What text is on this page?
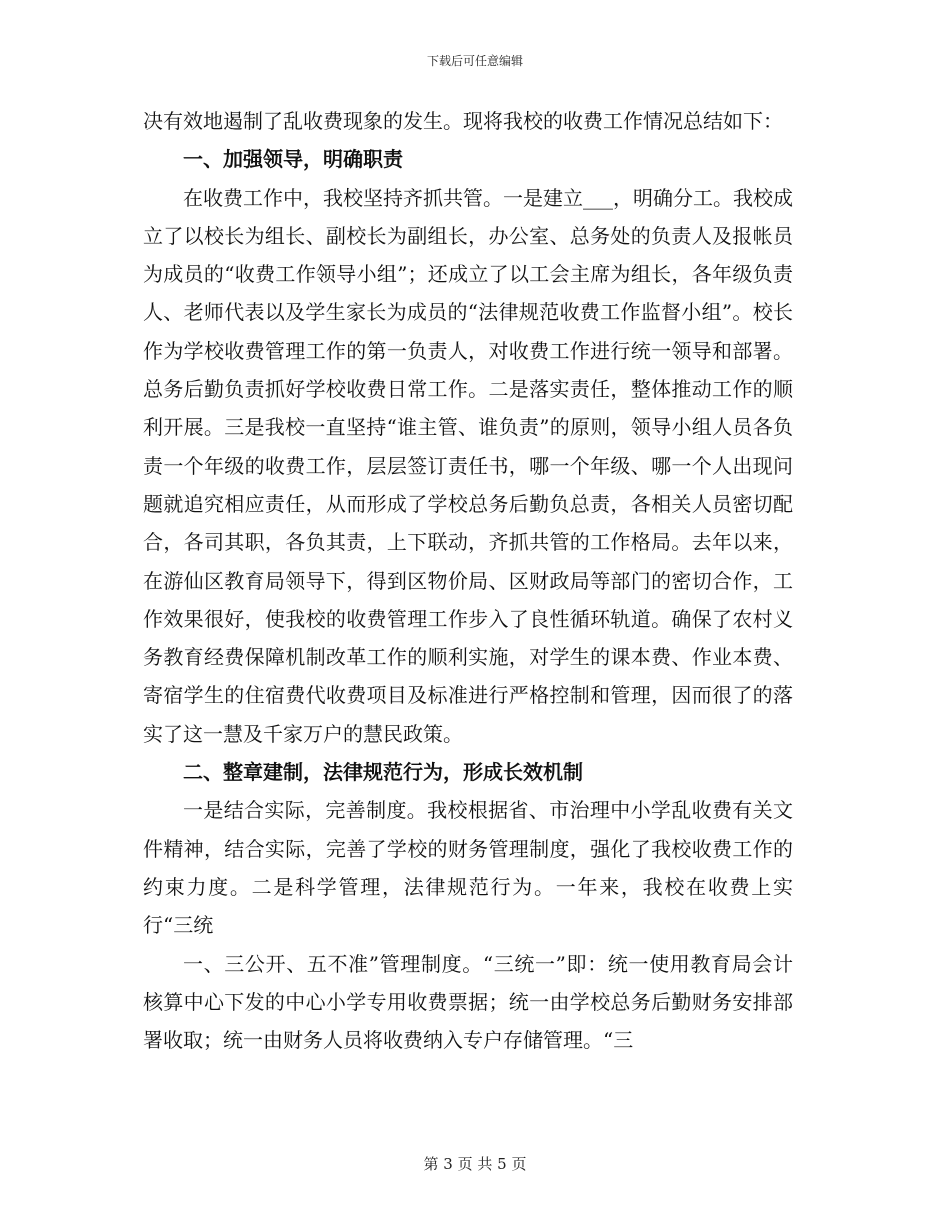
下载后可任意编辑

决有效地遏制了乱收费现象的发生。现将我校的收费工作情况总结如下：

一、加强领导，明确职责

在收费工作中，我校坚持齐抓共管。一是建立___，明确分工。我校成立了以校长为组长、副校长为副组长，办公室、总务处的负责人及报帐员为成员的“收费工作领导小组”；还成立了以工会主席为组长，各年级负责人、老师代表以及学生家长为成员的“法律规范收费工作监督小组”。校长作为学校收费管理工作的第一负责人，对收费工作进行统一领导和部署。总务后勤负责抓好学校收费日常工作。二是落实责任，整体推动工作的顺利开展。三是我校一直坚持“谁主管、谁负责”的原则，领导小组人员各负责一个年级的收费工作，层层签订责任书，哪一个年级、哪一个人出现问题就追究相应责任，从而形成了学校总务后勤负总责，各相关人员密切配合，各司其职，各负其责，上下联动，齐抓共管的工作格局。去年以来，在游仙区教育局领导下，得到区物价局、区财政局等部门的密切合作，工作效果很好，使我校的收费管理工作步入了良性循环轨道。确保了农村义务教育经费保障机制改革工作的顺利实施，对学生的课本费、作业本费、寄宿学生的住宿费代收费项目及标准进行严格控制和管理，因而很了的落实了这一慧及千家万户的慧民政策。

二、整章建制，法律规范行为，形成长效机制

一是结合实际，完善制度。我校根据省、市治理中小学乱收费有关文件精神，结合实际，完善了学校的财务管理制度，强化了我校收费工作的约束力度。二是科学管理，法律规范行为。一年来，我校在收费上实行“三统

一、三公开、五不准”管理制度。“三统一”即：统一使用教育局会计核算中心下发的中心小学专用收费票据；统一由学校总务后勤财务安排部署收取；统一由财务人员将收费纳入专户存储管理。“三

第 3 页 共 5 页
